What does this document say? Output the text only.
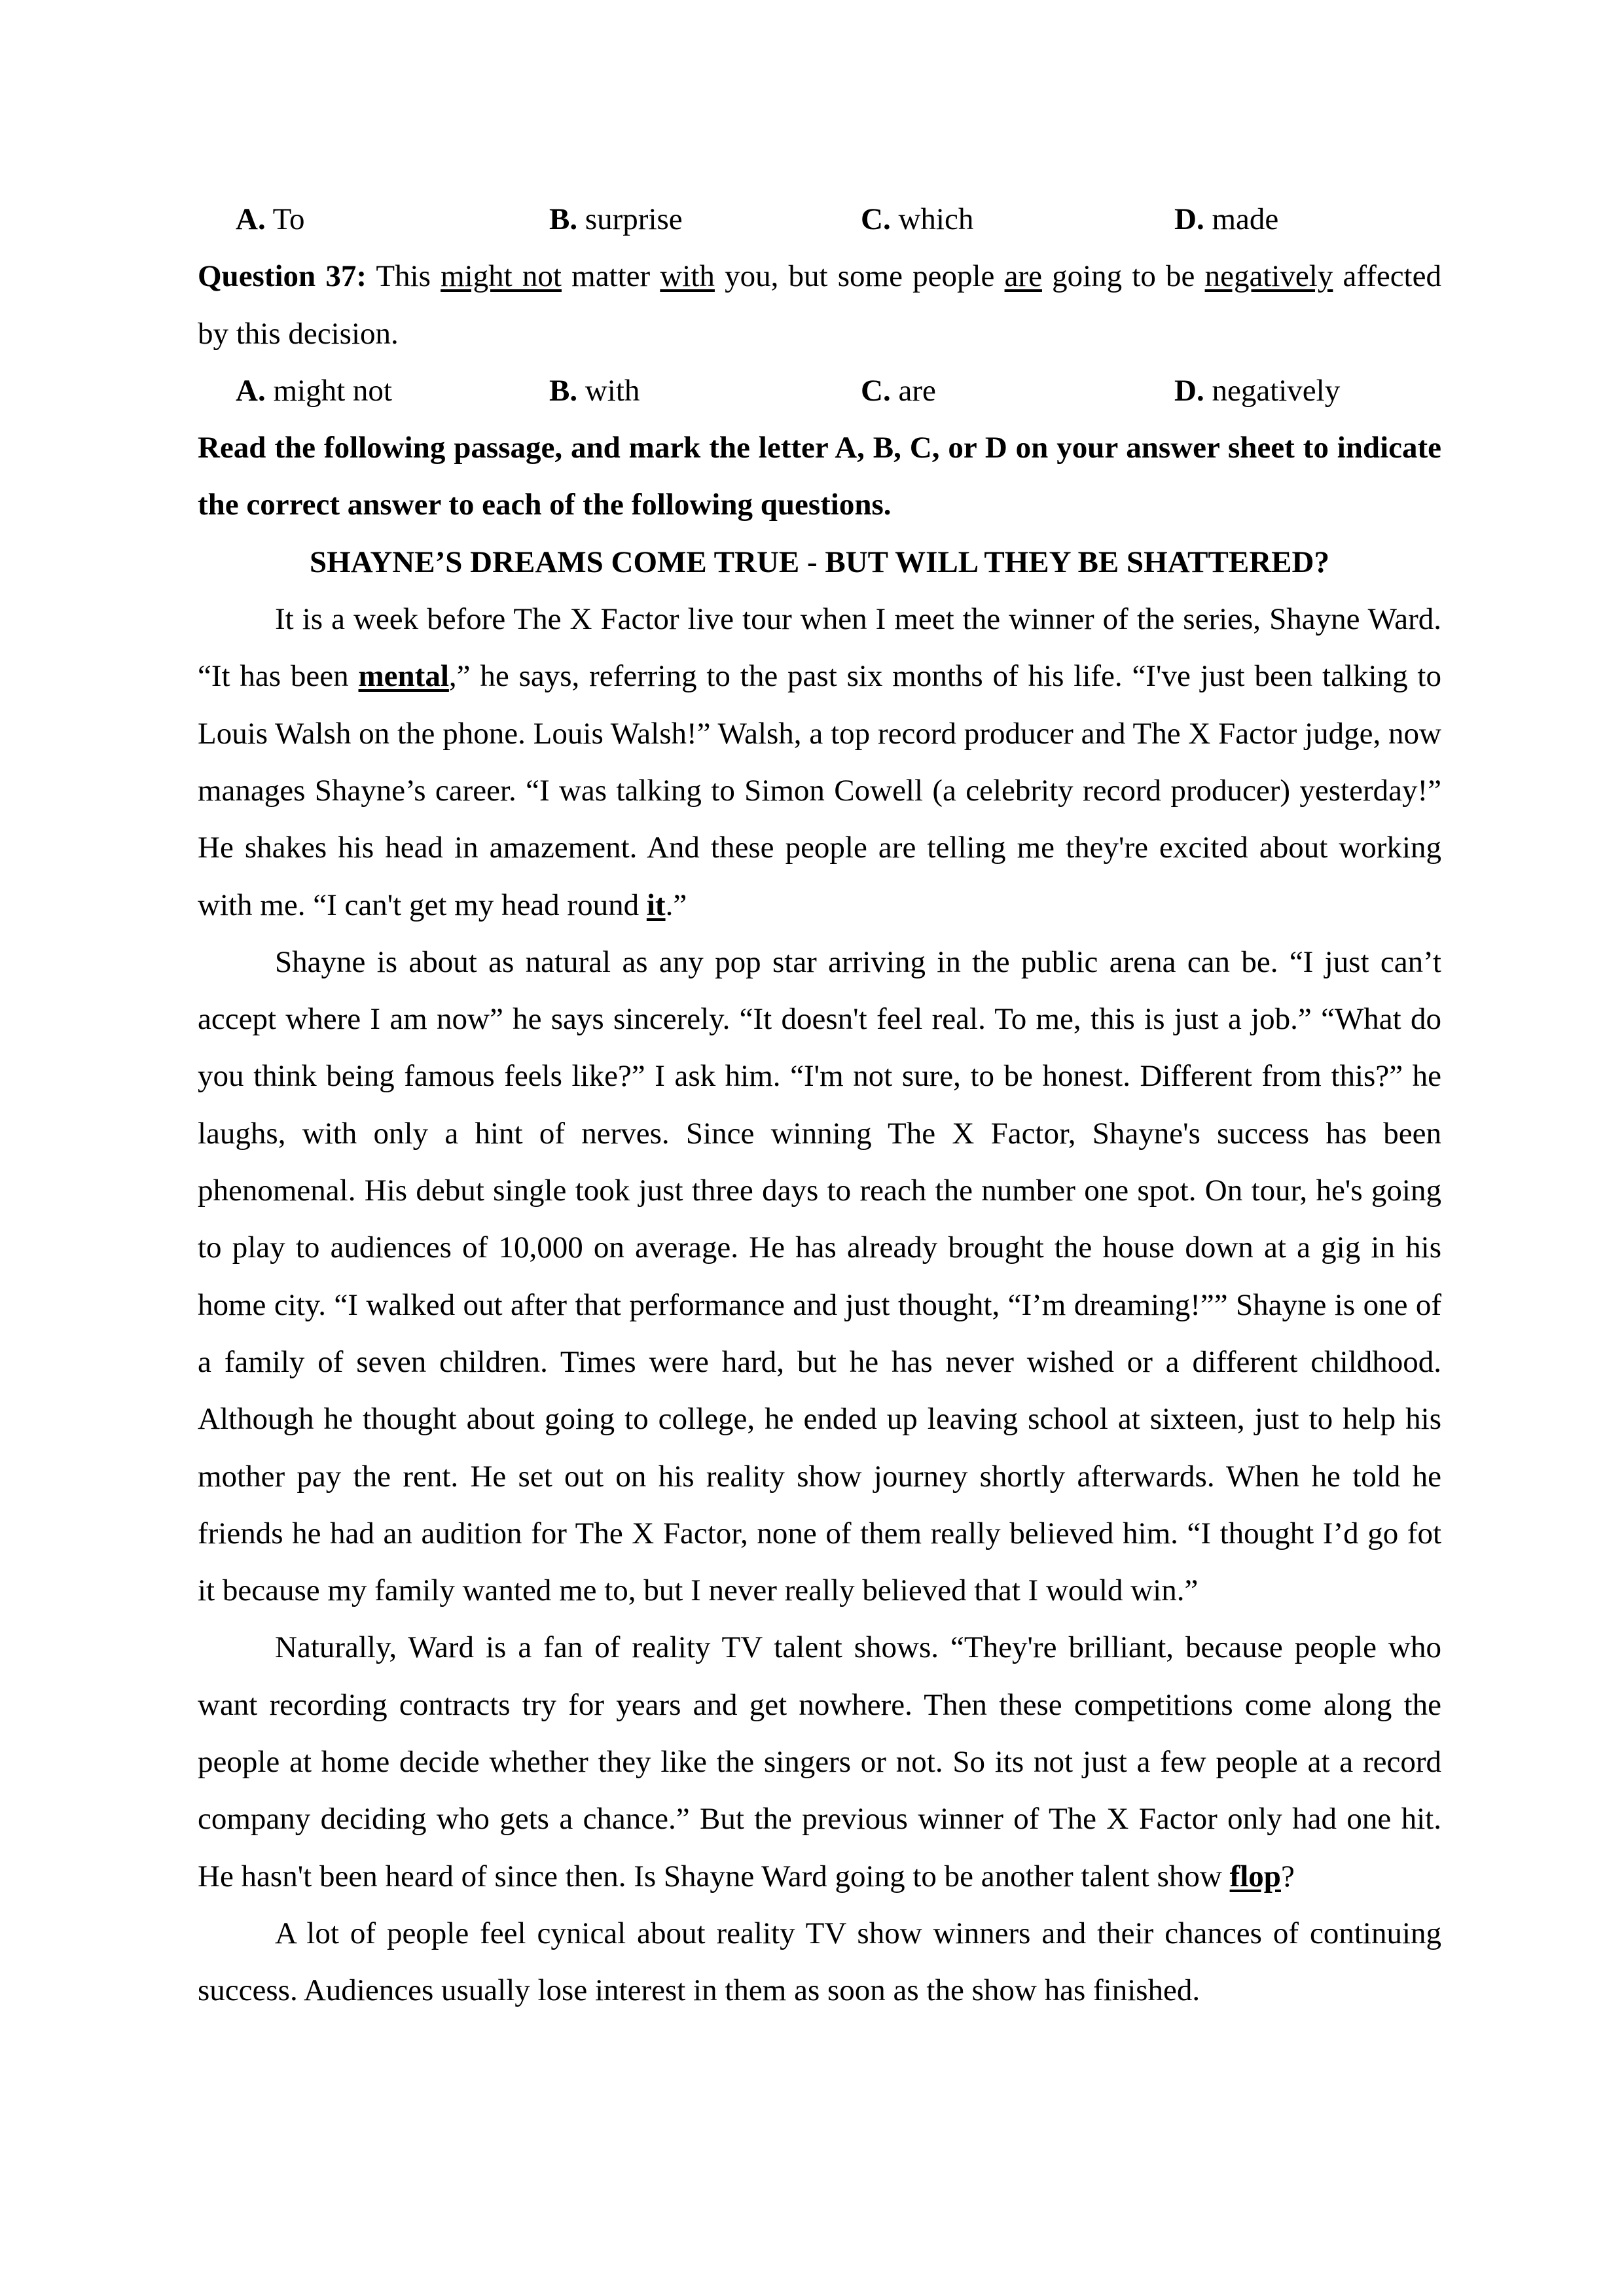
A. To	B. surprise	C. which	D. made

Question 37: This might not matter with you, but some people are going to be negatively affected by this decision.

A. might not	B. with	C. are	D. negatively

Read the following passage, and mark the letter A, B, C, or D on your answer sheet to indicate the correct answer to each of the following questions.

SHAYNE’S DREAMS COME TRUE - BUT WILL THEY BE SHATTERED?

It is a week before The X Factor live tour when I meet the winner of the series, Shayne Ward. “It has been mental,” he says, referring to the past six months of his life. “I've just been talking to Louis Walsh on the phone. Louis Walsh!” Walsh, a top record producer and The X Factor judge, now manages Shayne’s career. “I was talking to Simon Cowell (a celebrity record producer) yesterday!” He shakes his head in amazement. And these people are telling me they're excited about working with me. “I can't get my head round it.”

Shayne is about as natural as any pop star arriving in the public arena can be. “I just can’t accept where I am now” he says sincerely. “It doesn't feel real. To me, this is just a job.” “What do you think being famous feels like?” I ask him. “I'm not sure, to be honest. Different from this?” he laughs, with only a hint of nerves. Since winning The X Factor, Shayne's success has been phenomenal. His debut single took just three days to reach the number one spot. On tour, he's going to play to audiences of 10,000 on average. He has already brought the house down at a gig in his home city. “I walked out after that performance and just thought, “I’m dreaming!”” Shayne is one of a family of seven children. Times were hard, but he has never wished or a different childhood. Although he thought about going to college, he ended up leaving school at sixteen, just to help his mother pay the rent. He set out on his reality show journey shortly afterwards. When he told he friends he had an audition for The X Factor, none of them really believed him. “I thought I’d go fot it because my family wanted me to, but I never really believed that I would win.”

Naturally, Ward is a fan of reality TV talent shows. “They're brilliant, because people who want recording contracts try for years and get nowhere. Then these competitions come along the people at home decide whether they like the singers or not. So its not just a few people at a record company deciding who gets a chance.” But the previous winner of The X Factor only had one hit. He hasn't been heard of since then. Is Shayne Ward going to be another talent show flop?

A lot of people feel cynical about reality TV show winners and their chances of continuing success. Audiences usually lose interest in them as soon as the show has finished.
